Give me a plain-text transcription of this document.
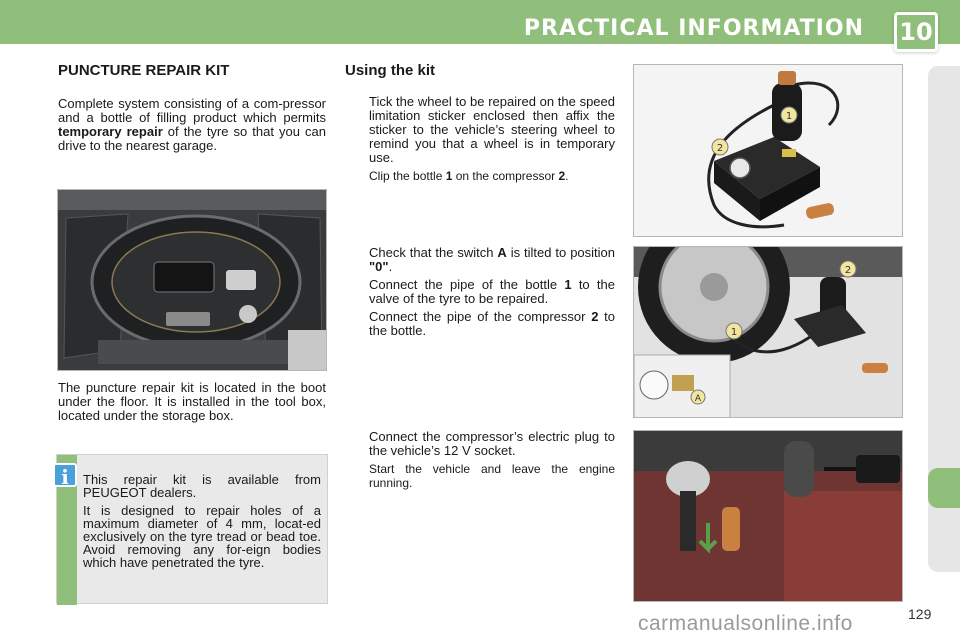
PRACTICAL INFORMATION 10
PUNCTURE REPAIR KIT
Complete system consisting of a com-pressor and a bottle of filling product which permits temporary repair of the tyre so that you can drive to the nearest garage.
The puncture repair kit is located in the boot under the floor. It is installed in the tool box, located under the storage box.

This repair kit is available from PEUGEOT dealers.

It is designed to repair holes of a maximum diameter of 4 mm, locat-ed exclusively on the tyre tread or bead toe. Avoid removing any for-eign bodies which have penetrated the tyre.

i
Using the kit
Tick the wheel to be repaired on the speed limitation sticker enclosed then affix the sticker to the vehicle’s steering wheel to remind you that a wheel is in temporary use.
Clip the bottle 1 on the compressor 2.
Check that the switch A is tilted to position "0".
Connect the pipe of the bottle 1 to the valve of the tyre to be repaired.
Connect the pipe of the compressor 2 to the bottle.
Connect the compressor’s electric plug to the vehicle’s 12 V socket.
Start the vehicle and leave the engine running.
1
2
A
1
2
129
carmanualsonline.info
